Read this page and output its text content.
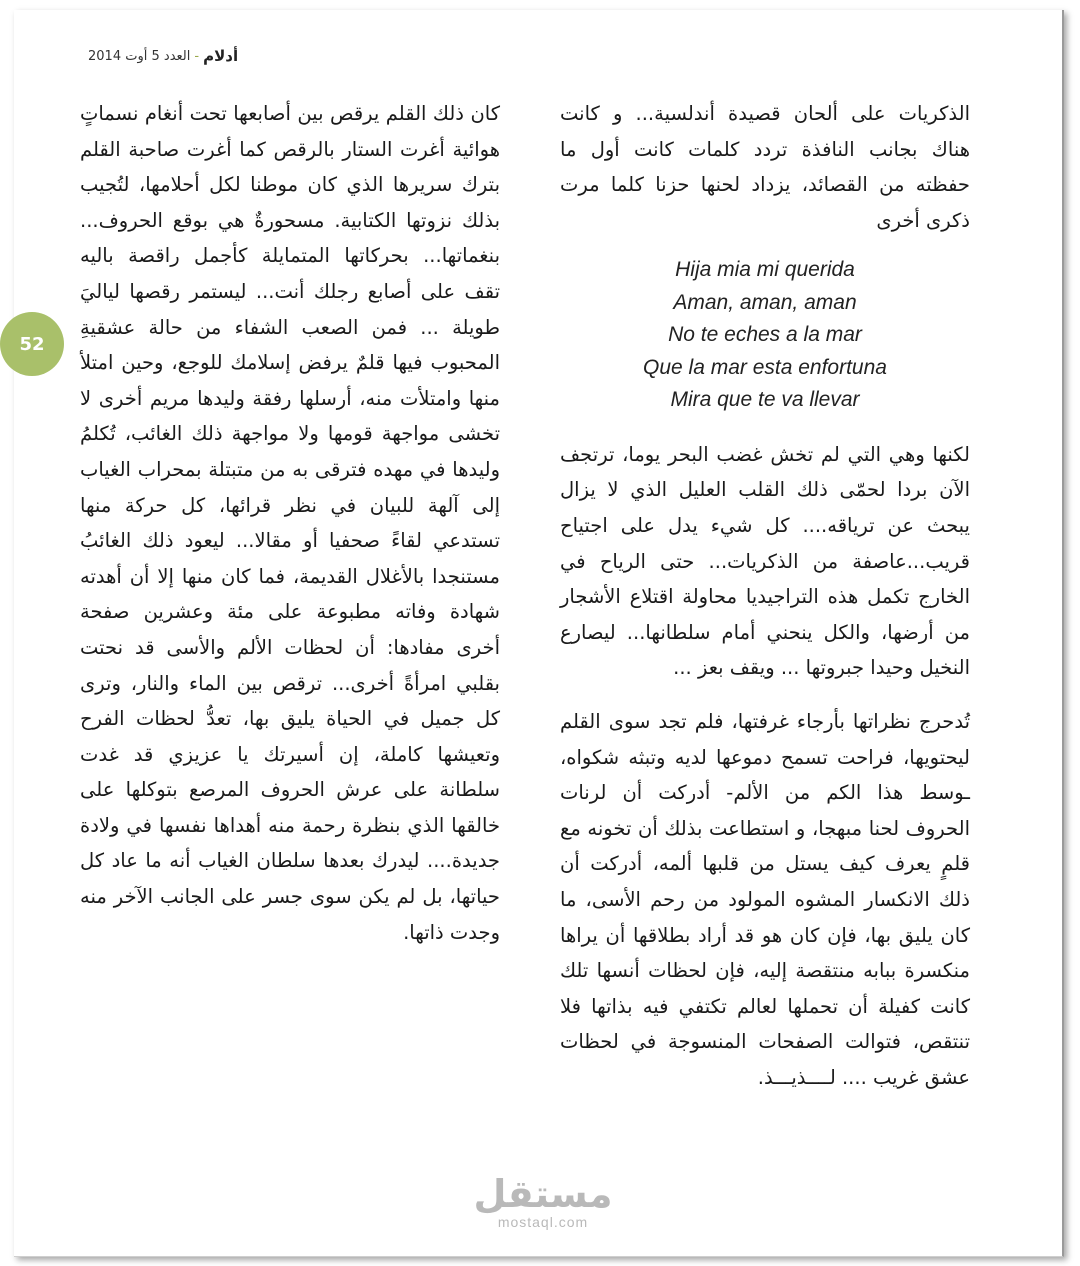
أدلام
-
العدد 5 أوت 2014
52

كان ذلك القلم يرقص بين أصابعها تحت أنغام نسماتٍ هوائية أغرت الستار بالرقص كما أغرت صاحبة القلم بترك سريرها الذي كان موطنا لكل أحلامها، لتُجيب بذلك نزوتها الكتابية. مسحورةٌ هي بوقع الحروف... بنغماتها... بحركاتها المتمايلة كأجمل راقصة باليه تقف على أصابع رجلك أنت... ليستمر رقصها لياليَ طويلة ... فمن الصعب الشفاء من حالة عشقيةِ المحبوب فيها قلمٌ يرفض إسلامك للوجع، وحين امتلأ منها وامتلأت منه، أرسلها رفقة وليدها مريم أخرى لا تخشى مواجهة قومها ولا مواجهة ذلك الغائب، تُكلمُ وليدها في مهده فترقى به من متبتلة بمحراب الغياب إلى آلهة للبيان في نظر قرائها، كل حركة منها تستدعي لقاءً صحفيا أو مقالا... ليعود ذلك الغائبُ مستنجدا بالأغلال القديمة، فما كان منها إلا أن أهدته شهادة وفاته مطبوعة على مئة وعشرين صفحة أخرى مفادها: أن لحظات الألم والأسى قد نحتت بقلبي امرأةً أخرى... ترقص بين الماء والنار، وترى كل جميل في الحياة يليق بها، تعدُّ لحظات الفرح وتعيشها كاملة، إن أسيرتك يا عزيزي قد غدت سلطانة على عرش الحروف المرصع بتوكلها على خالقها الذي بنظرة رحمة منه أهداها نفسها في ولادة جديدة.... ليدرك بعدها سلطان الغياب أنه ما عاد كل حياتها، بل لم يكن سوى جسر على الجانب الآخر منه وجدت ذاتها.

الذكريات على ألحان قصيدة أندلسية... و كانت هناك بجانب النافذة تردد كلمات كانت أول ما حفظته من القصائد، يزداد لحنها حزنا كلما مرت ذكرى أخرى

Hija mia mi querida
Aman, aman, aman
No te eches a la mar
Que la mar esta enfortuna
Mira que te va llevar

لكنها وهي التي لم تخش غضب البحر يوما، ترتجف الآن بردا لحمّى ذلك القلب العليل الذي لا يزال يبحث عن ترياقه.... كل شيء يدل على اجتياح قريب...عاصفة من الذكريات... حتى الرياح في الخارج تكمل هذه التراجيديا محاولة اقتلاع الأشجار من أرضها، والكل ينحني أمام سلطانها... ليصارع النخيل وحيدا جبروتها ... ويقف بعز ...

تُدحرج نظراتها بأرجاء غرفتها، فلم تجد سوى القلم ليحتويها، فراحت تسمح دموعها لديه وتبثه شكواه، ـوسط هذا الكم من الألم- أدركت أن لرنات الحروف لحنا مبهجا، و استطاعت بذلك أن تخونه مع قلمٍ يعرف كيف يستل من قلبها ألمه، أدركت أن ذلك الانكسار المشوه المولود من رحم الأسى، ما كان يليق بها، فإن كان هو قد أراد بطلاقها أن يراها منكسرة ببابه منتقصة إليه، فإن لحظات أنسها تلك كانت كفيلة أن تحملها لعالم تكتفي فيه بذاتها فلا تنتقص، فتوالت الصفحات المنسوجة في لحظات عشق غريب .... لــــذيـــذ.

مستقل
mostaql.com
